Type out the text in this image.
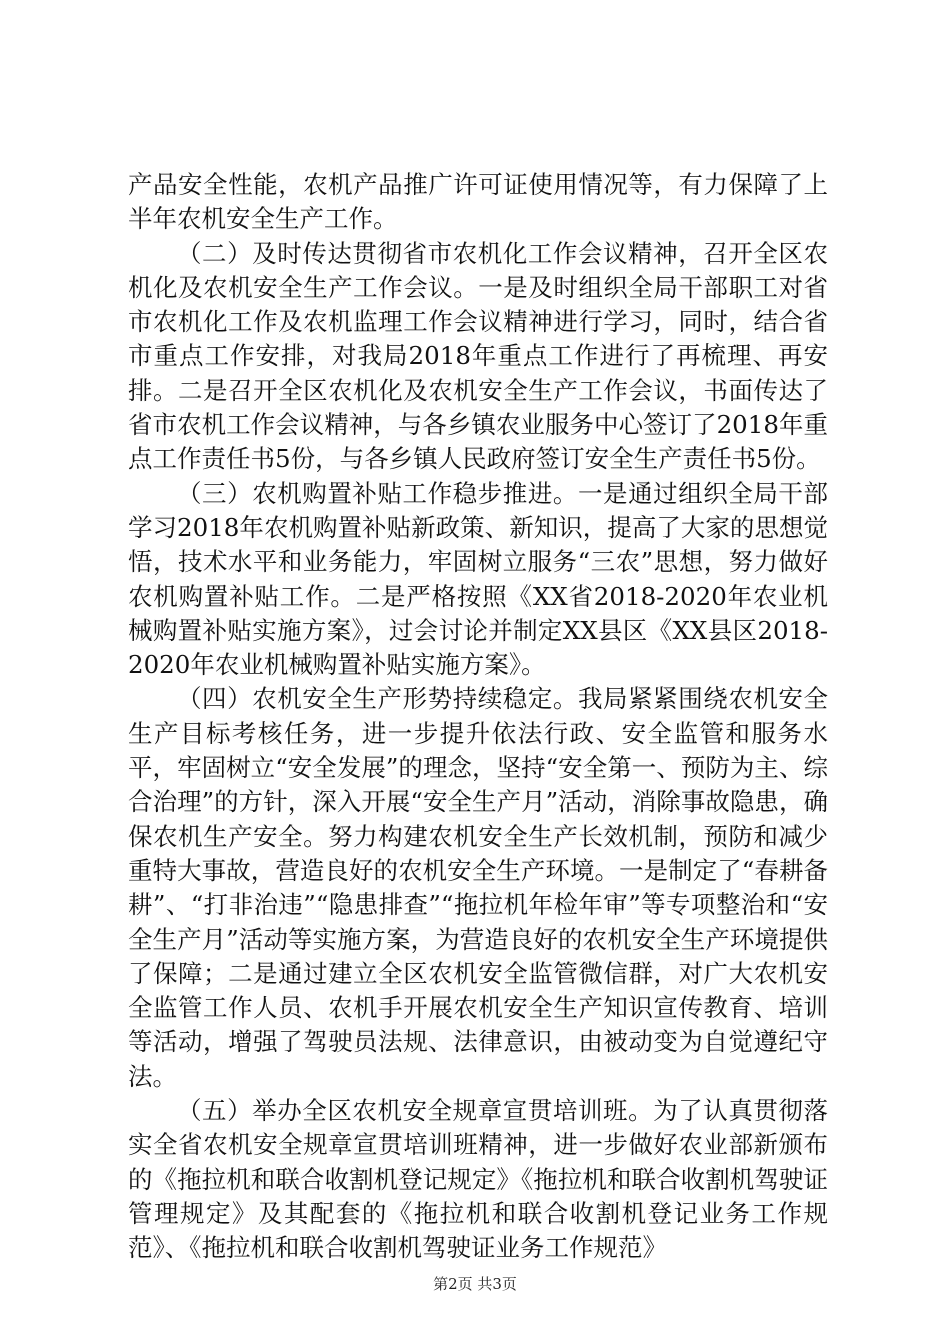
产品安全性能，农机产品推广许可证使用情况等，有力保障了上半年农机安全生产工作。

（二）及时传达贯彻省市农机化工作会议精神，召开全区农机化及农机安全生产工作会议。一是及时组织全局干部职工对省市农机化工作及农机监理工作会议精神进行学习，同时，结合省市重点工作安排，对我局2018年重点工作进行了再梳理、再安排。二是召开全区农机化及农机安全生产工作会议，书面传达了省市农机工作会议精神，与各乡镇农业服务中心签订了2018年重点工作责任书5份，与各乡镇人民政府签订安全生产责任书5份。

（三）农机购置补贴工作稳步推进。一是通过组织全局干部学习2018年农机购置补贴新政策、新知识，提高了大家的思想觉悟，技术水平和业务能力，牢固树立服务“三农”思想，努力做好农机购置补贴工作。二是严格按照《XX省2018-2020年农业机械购置补贴实施方案》，过会讨论并制定XX县区《XX县区2018-2020年农业机械购置补贴实施方案》。

（四）农机安全生产形势持续稳定。我局紧紧围绕农机安全生产目标考核任务，进一步提升依法行政、安全监管和服务水平，牢固树立“安全发展”的理念，坚持“安全第一、预防为主、综合治理”的方针，深入开展“安全生产月”活动，消除事故隐患，确保农机生产安全。努力构建农机安全生产长效机制，预防和减少重特大事故，营造良好的农机安全生产环境。一是制定了“春耕备耕”、“打非治违”“隐患排查”“拖拉机年检年审”等专项整治和“安全生产月”活动等实施方案，为营造良好的农机安全生产环境提供了保障；二是通过建立全区农机安全监管微信群，对广大农机安全监管工作人员、农机手开展农机安全生产知识宣传教育、培训等活动，增强了驾驶员法规、法律意识，由被动变为自觉遵纪守法。

（五）举办全区农机安全规章宣贯培训班。为了认真贯彻落实全省农机安全规章宣贯培训班精神，进一步做好农业部新颁布的《拖拉机和联合收割机登记规定》《拖拉机和联合收割机驾驶证管理规定》及其配套的《拖拉机和联合收割机登记业务工作规范》、《拖拉机和联合收割机驾驶证业务工作规范》

第2页 共3页
